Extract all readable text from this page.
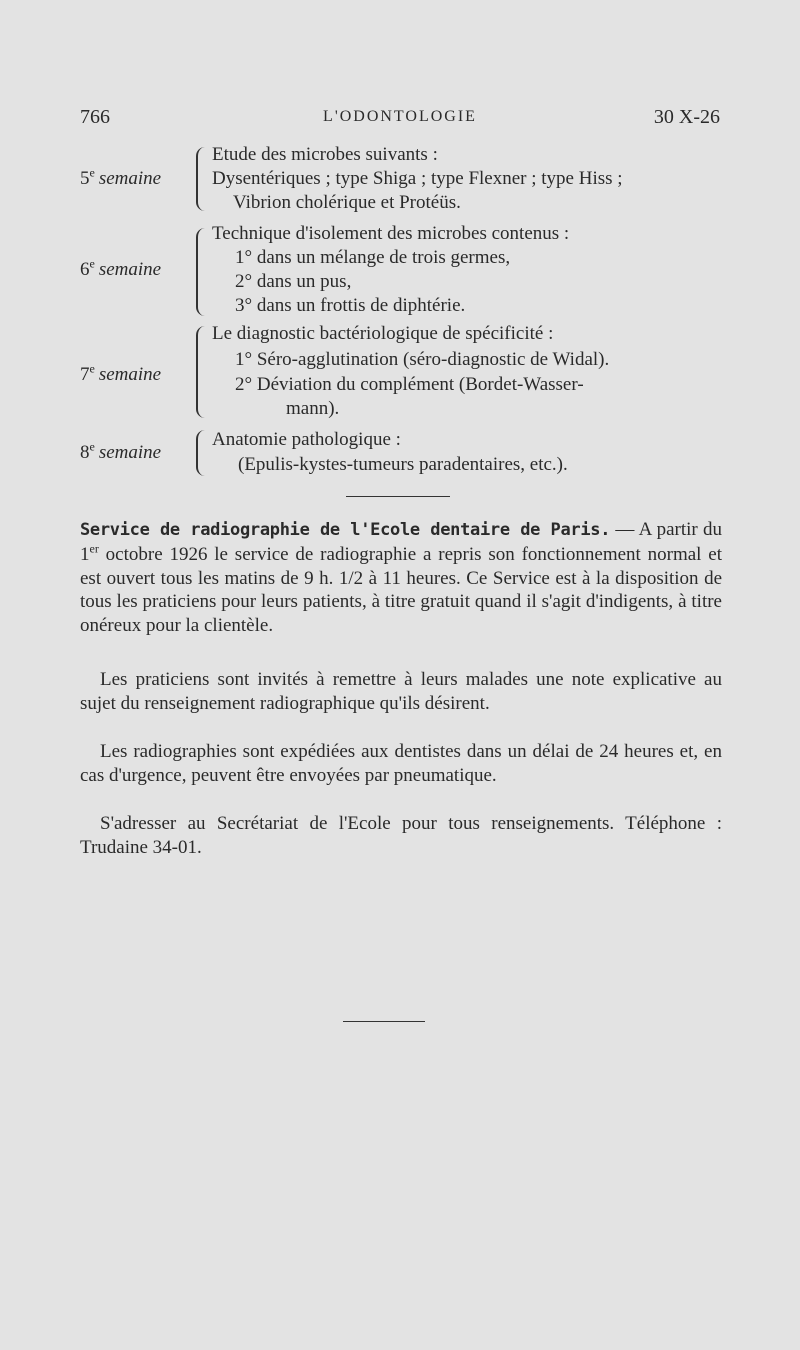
766	L'ODONTOLOGIE	30 X-26
5e semaine
Etude des microbes suivants :
Dysentériques ; type Shiga ; type Flexner ; type Hiss ;
Vibrion cholérique et Protéüs.
6e semaine
Technique d'isolement des microbes contenus :
1° dans un mélange de trois germes,
2° dans un pus,
3° dans un frottis de diphtérie.
7e semaine
Le diagnostic bactériologique de spécificité :
1° Séro-agglutination (séro-diagnostic de Widal).
2° Déviation du complément (Bordet-Wasser-
mann).
8e semaine
Anatomie pathologique :
(Epulis-kystes-tumeurs paradentaires, etc.).
Service de radiographie de l'Ecole dentaire de Paris. — A partir du 1er octobre 1926 le service de radiographie a repris son fonctionnement normal et est ouvert tous les matins de 9 h. 1/2 à 11 heures. Ce Service est à la disposition de tous les praticiens pour leurs patients, à titre gratuit quand il s'agit d'indigents, à titre onéreux pour la clientèle.
Les praticiens sont invités à remettre à leurs malades une note explicative au sujet du renseignement radiographique qu'ils désirent.
Les radiographies sont expédiées aux dentistes dans un délai de 24 heures et, en cas d'urgence, peuvent être envoyées par pneumatique.
S'adresser au Secrétariat de l'Ecole pour tous renseignements. Téléphone : Trudaine 34-01.
